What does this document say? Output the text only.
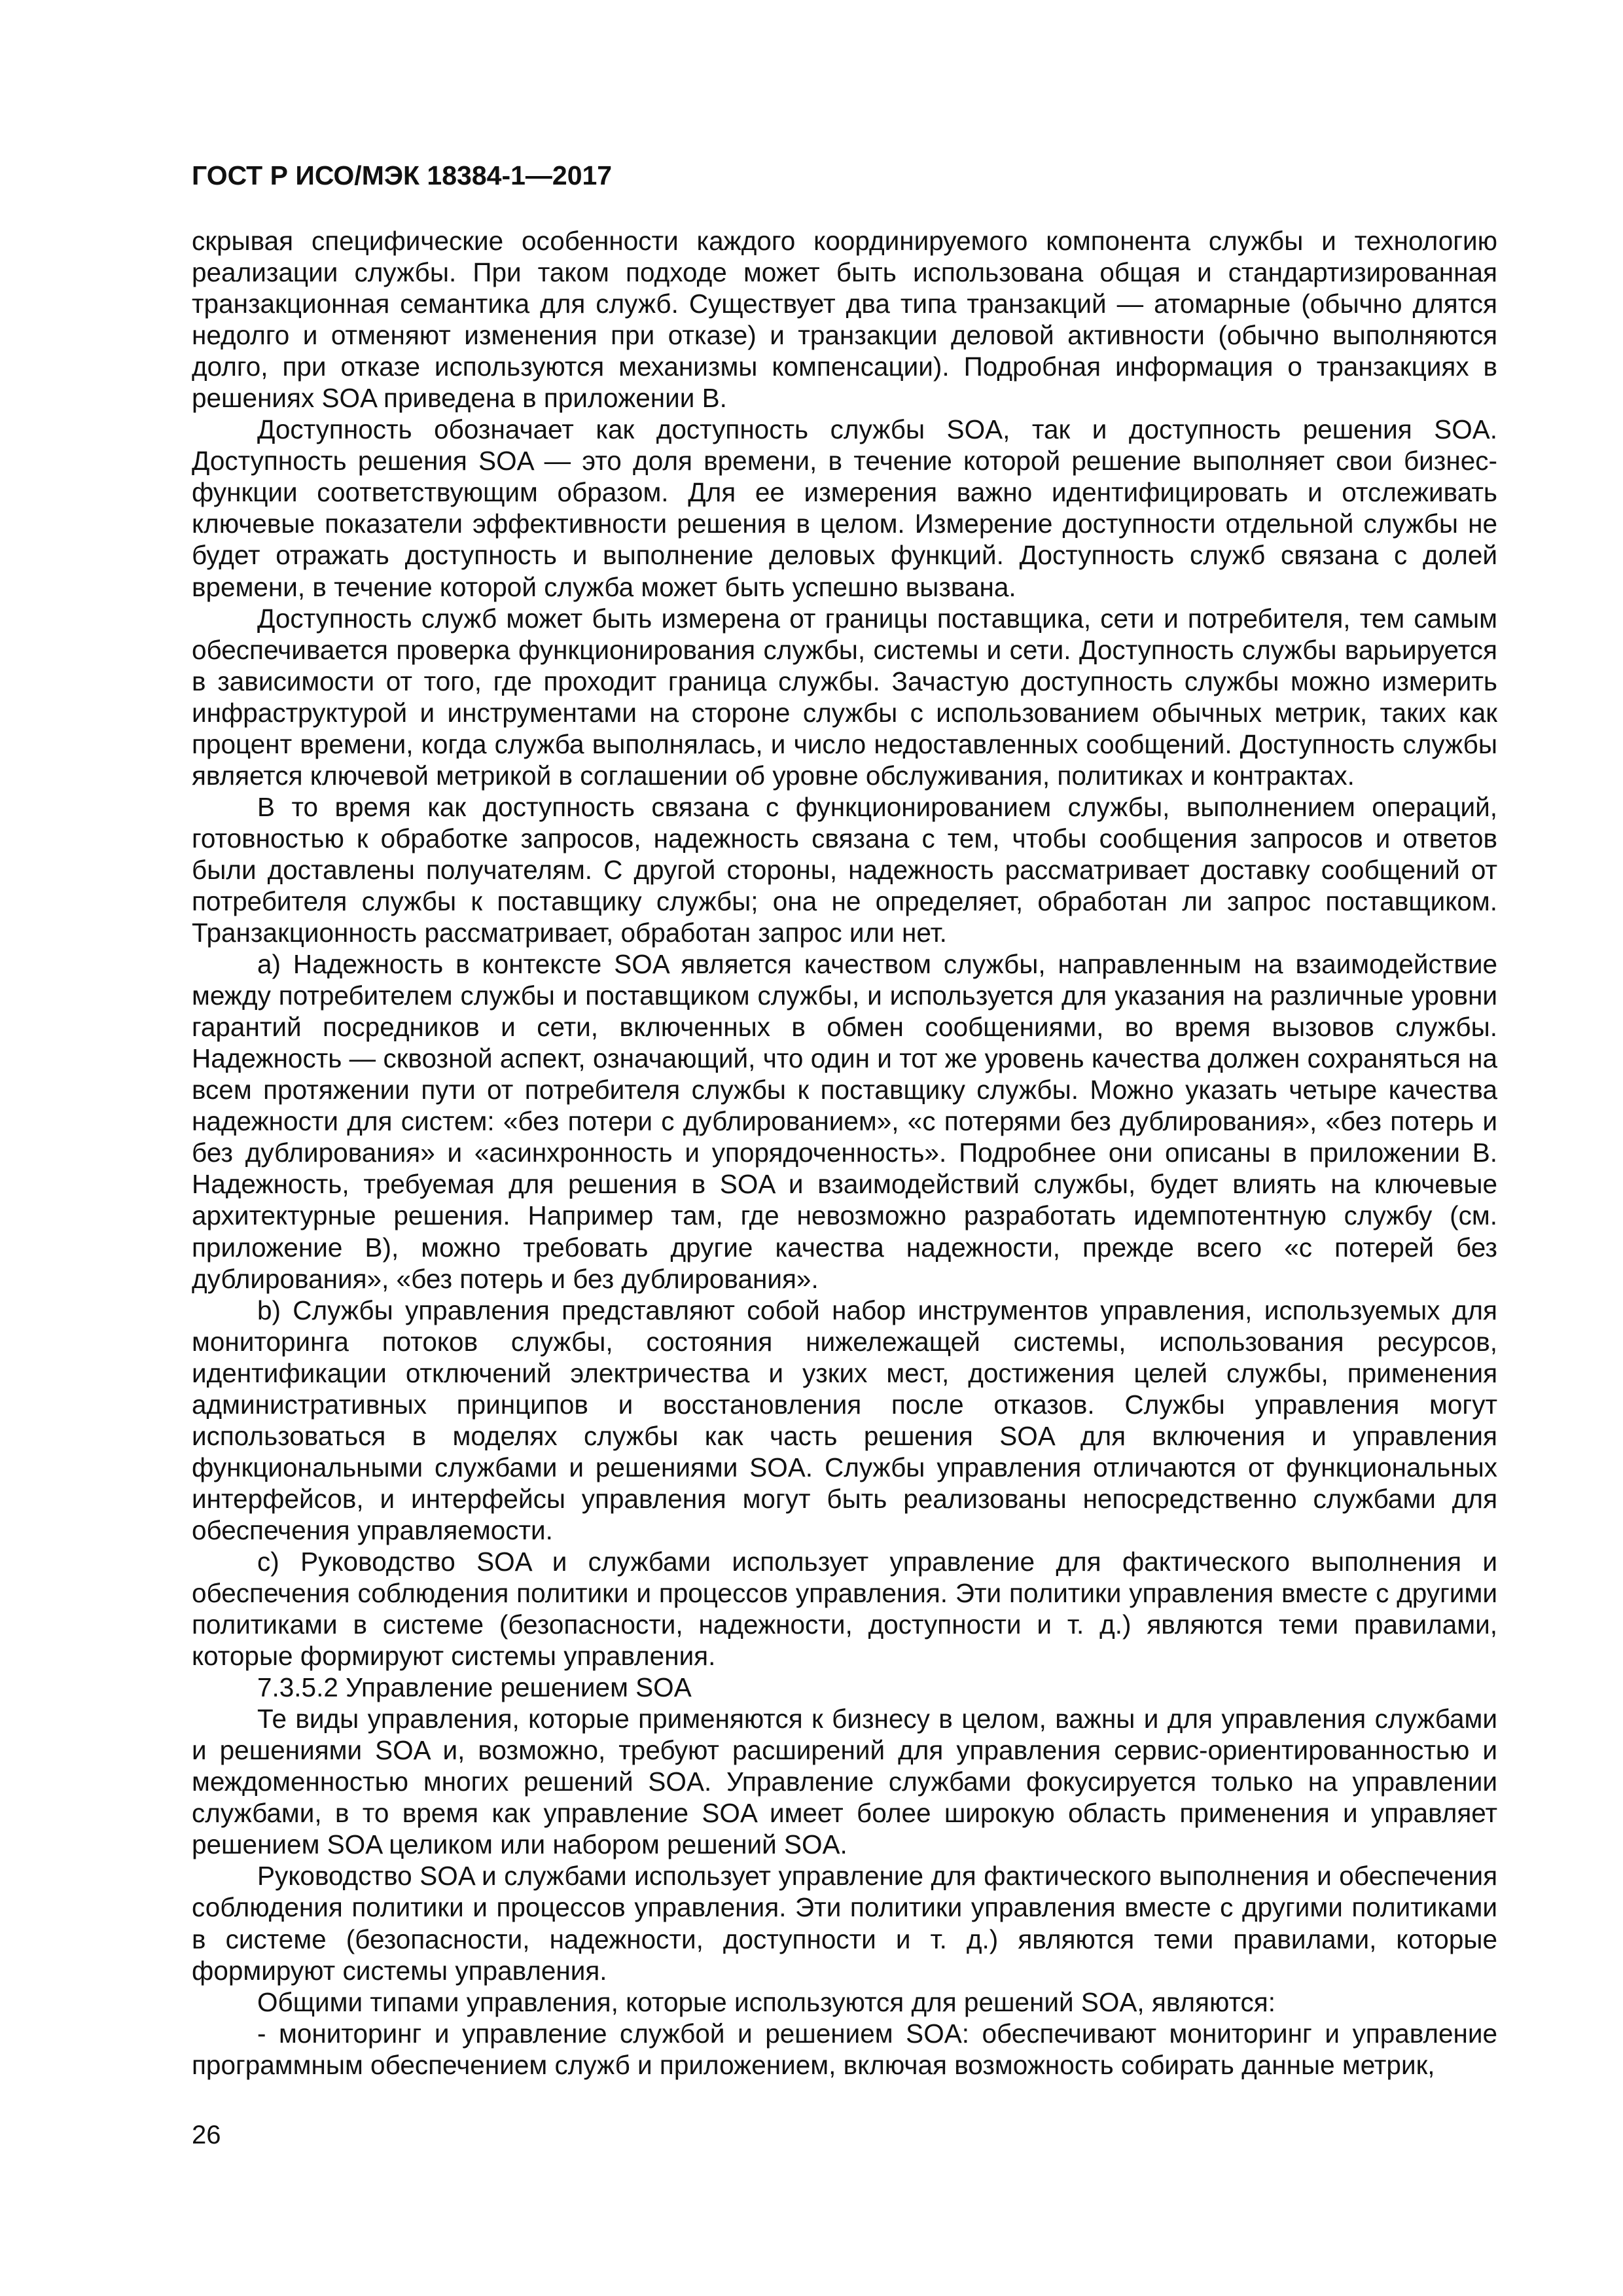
ГОСТ Р ИСО/МЭК 18384-1—2017

скрывая специфические особенности каждого координируемого компонента службы и технологию реализации службы. При таком подходе может быть использована общая и стандартизированная транзакционная семантика для служб. Существует два типа транзакций — атомарные (обычно длятся недолго и отменяют изменения при отказе) и транзакции деловой активности (обычно выполняются долго, при отказе используются механизмы компенсации). Подробная информация о транзакциях в решениях SOA приведена в приложении В.

Доступность обозначает как доступность службы SOA, так и доступность решения SOA. Доступность решения SOA — это доля времени, в течение которой решение выполняет свои бизнес-функции соответствующим образом. Для ее измерения важно идентифицировать и отслеживать ключевые показатели эффективности решения в целом. Измерение доступности отдельной службы не будет отражать доступность и выполнение деловых функций. Доступность служб связана с долей времени, в течение которой служба может быть успешно вызвана.

Доступность служб может быть измерена от границы поставщика, сети и потребителя, тем самым обеспечивается проверка функционирования службы, системы и сети. Доступность службы варьируется в зависимости от того, где проходит граница службы. Зачастую доступность службы можно измерить инфраструктурой и инструментами на стороне службы с использованием обычных метрик, таких как процент времени, когда служба выполнялась, и число недоставленных сообщений. Доступность службы является ключевой метрикой в соглашении об уровне обслуживания, политиках и контрактах.

В то время как доступность связана с функционированием службы, выполнением операций, готовностью к обработке запросов, надежность связана с тем, чтобы сообщения запросов и ответов были доставлены получателям. С другой стороны, надежность рассматривает доставку сообщений от потребителя службы к поставщику службы; она не определяет, обработан ли запрос поставщиком. Транзакционность рассматривает, обработан запрос или нет.

a) Надежность в контексте SOA является качеством службы, направленным на взаимодействие между потребителем службы и поставщиком службы, и используется для указания на различные уровни гарантий посредников и сети, включенных в обмен сообщениями, во время вызовов службы. Надежность — сквозной аспект, означающий, что один и тот же уровень качества должен сохраняться на всем протяжении пути от потребителя службы к поставщику службы. Можно указать четыре качества надежности для систем: «без потери с дублированием», «с потерями без дублирования», «без потерь и без дублирования» и «асинхронность и упорядоченность». Подробнее они описаны в приложении В. Надежность, требуемая для решения в SOA и взаимодействий службы, будет влиять на ключевые архитектурные решения. Например там, где невозможно разработать идемпотентную службу (см. приложение В), можно требовать другие качества надежности, прежде всего «с потерей без дублирования», «без потерь и без дублирования».

b) Службы управления представляют собой набор инструментов управления, используемых для мониторинга потоков службы, состояния нижележащей системы, использования ресурсов, идентификации отключений электричества и узких мест, достижения целей службы, применения административных принципов и восстановления после отказов. Службы управления могут использоваться в моделях службы как часть решения SOA для включения и управления функциональными службами и решениями SOA. Службы управления отличаются от функциональных интерфейсов, и интерфейсы управления могут быть реализованы непосредственно службами для обеспечения управляемости.

c) Руководство SOA и службами использует управление для фактического выполнения и обеспечения соблюдения политики и процессов управления. Эти политики управления вместе с другими политиками в системе (безопасности, надежности, доступности и т. д.) являются теми правилами, которые формируют системы управления.

7.3.5.2 Управление решением SOA

Те виды управления, которые применяются к бизнесу в целом, важны и для управления службами и решениями SOA и, возможно, требуют расширений для управления сервис-ориентированностью и междоменностью многих решений SOA. Управление службами фокусируется только на управлении службами, в то время как управление SOA имеет более широкую область применения и управляет решением SOA целиком или набором решений SOA.

Руководство SOA и службами использует управление для фактического выполнения и обеспечения соблюдения политики и процессов управления. Эти политики управления вместе с другими политиками в системе (безопасности, надежности, доступности и т. д.) являются теми правилами, которые формируют системы управления.

Общими типами управления, которые используются для решений SOA, являются:

- мониторинг и управление службой и решением SOA: обеспечивают мониторинг и управление программным обеспечением служб и приложением, включая возможность собирать данные метрик,

26
